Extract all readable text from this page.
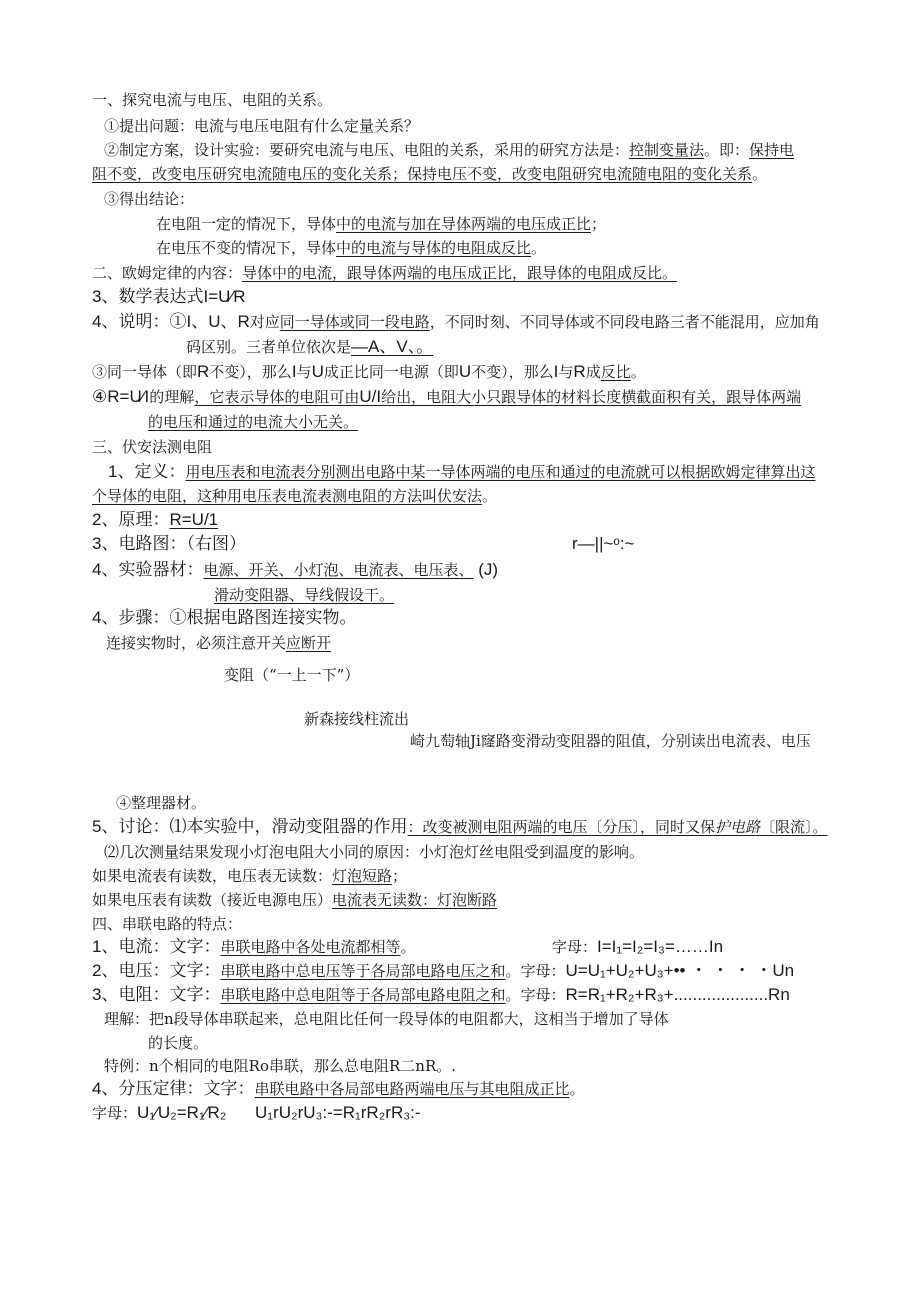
一、探究电流与电压、电阻的关系。
①提出问题：电流与电压电阻有什么定量关系？
②制定方案，设计实验：要研究电流与电压、电阻的关系，采用的研究方法是：控制变量法。即：保持电
阻不变，改变电压研究电流随电压的变化关系；保持电压不变，改变电阻研究电流随电阻的变化关系。
③得出结论：
在电阻一定的情况下，导体中的电流与加在导体两端的电压成正比；
在电压不变的情况下，导体中的电流与导体的电阻成反比。
二、欧姆定律的内容：导体中的电流，跟导体两端的电压成正比，跟导体的电阻成反比。
3、数学表达式I=U⁄R
4、说明：①I、U、R对应同一导体或同一段电路，不同时刻、不同导体或不同段电路三者不能混用，应加角
码区别。三者单位依次是—A、V、。
③同一导体（即R不变），那么I与U成正比同一电源（即U不变），那么I与R成反比。
④R=U⁄I的理解，它表示导体的电阻可由U/I给出，电阻大小只跟导体的材料长度横截面积有关，跟导体两端
的电压和通过的电流大小无关。
三、伏安法测电阻
1、定义：用电压表和电流表分别测出电路中某一导体两端的电压和通过的电流就可以根据欧姆定律算出这
个导体的电阻，这种用电压表电流表测电阻的方法叫伏安法。
2、原理：R=U/1
3、电路图：（右图）	r—||~ᵒ:~
4、实验器材：电源、开关、小灯泡、电流表、电压表、 (J)
滑动变阻器、导线假设干。
4、步骤：①根据电路图连接实物。
连接实物时，必须注意开关应断开
变阻（“一上一下”）
新森接线柱流出
崎九萄轴Ji窿路变滑动变阻器的阻值，分别读出电流表、电压
④整理器材。
5、讨论：⑴本实验中，滑动变阻器的作用：改变被测电阻两端的电压〔分压〕，同时又保护电路〔限流〕。
⑵几次测量结果发现小灯泡电阻大小同的原因：小灯泡灯丝电阻受到温度的影响。
如果电流表有读数，电压表无读数：灯泡短路；
如果电压表有读数（接近电源电压）电流表无读数：灯泡断路
四、串联电路的特点：
1、电流：文字：串联电路中各处电流都相等。	字母：I=I₁=I₂=I₃=……In
2、电压：文字：串联电路中总电压等于各局部电路电压之和。字母：U=U₁+U₂+U₃+•• ・ ・ ・ ・Un
3、电阻：文字：串联电路中总电阻等于各局部电路电阻之和。字母：R=R₁+R₂+R₃+....................Rn
理解：把n段导体串联起来，总电阻比任何一段导体的电阻都大，这相当于增加了导体
的长度。
特例：n个相同的电阻Ro串联，那么总电阻R二nR。.
4、分压定律：文字：串联电路中各局部电路两端电压与其电阻成正比。
字母：U₁⁄U₂=R₁⁄R₂ U₁rU₂rU₃:-=R₁rR₂rR₃:-
